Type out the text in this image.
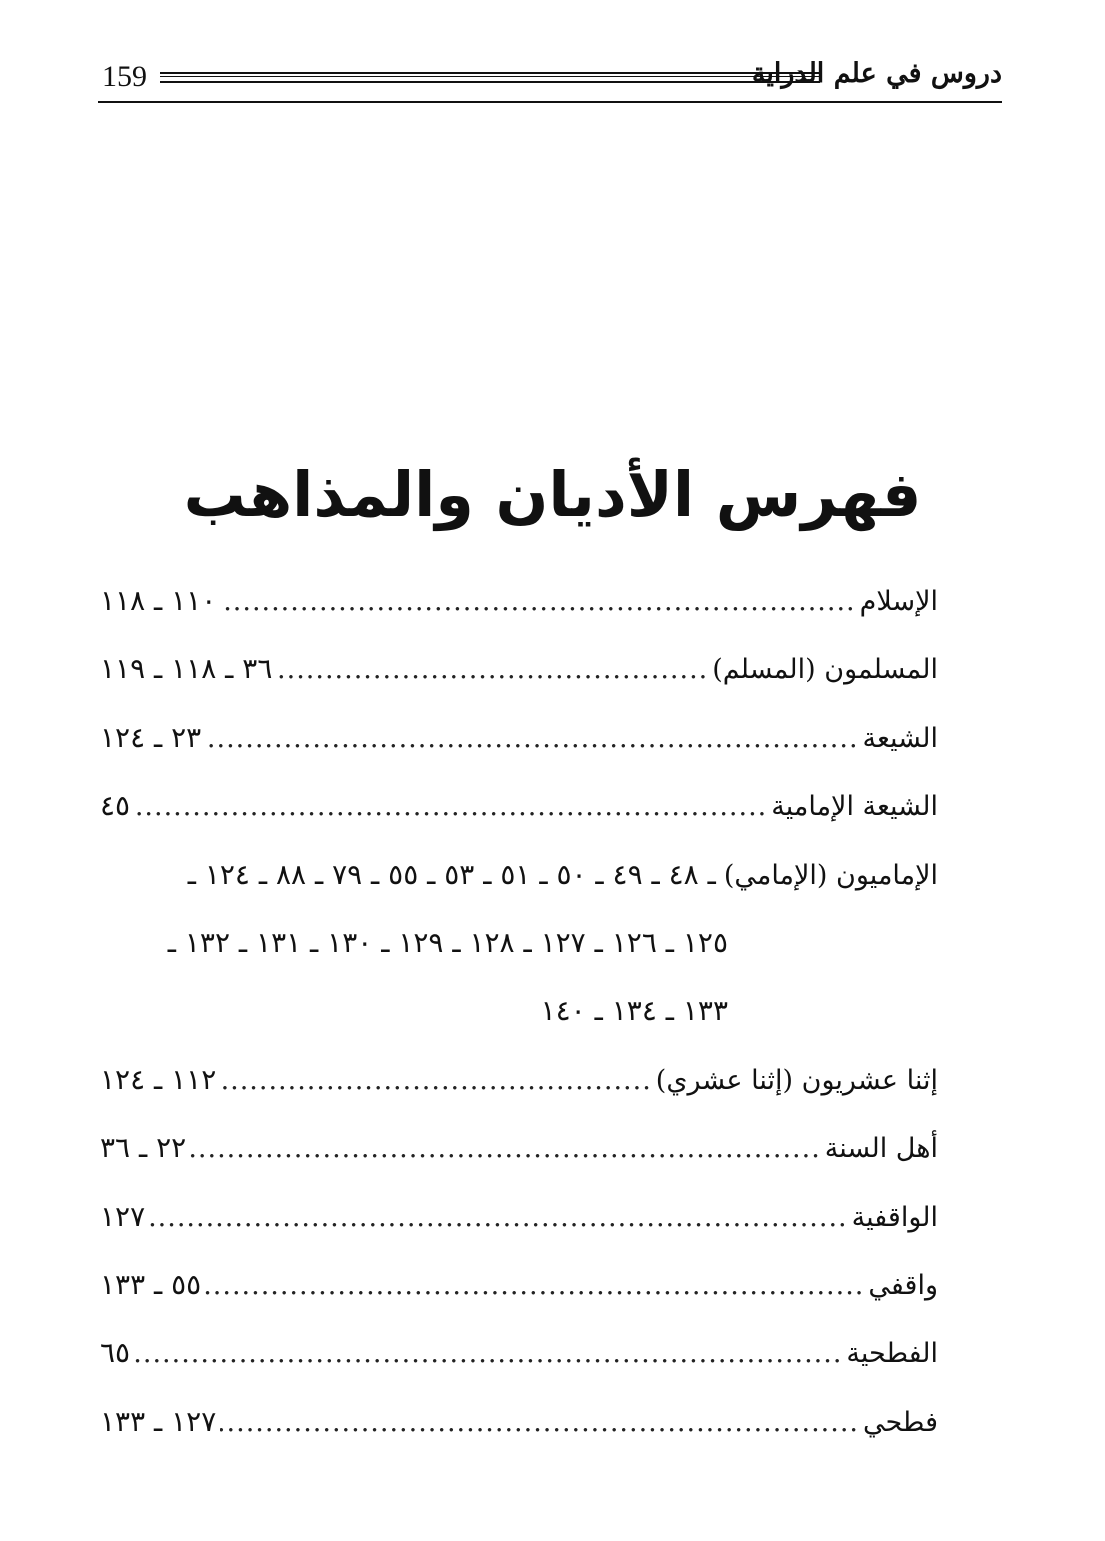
159	دروس في علم الدراية
فهرس الأديان والمذاهب
الإسلام
.....
١١٠ ـ ١١٨
المسلمون (المسلم)
.....
٣٦ ـ ١١٨ ـ ١١٩
الشيعة
.....
٢٣ ـ ١٢٤
الشيعة الإمامية
.....
٤٥
الإماميون (الإمامي)
ـ ٤٨ ـ ٤٩ ـ ٥٠ ـ ٥١ ـ ٥٣ ـ ٥٥ ـ ٧٩ ـ ٨٨ ـ ١٢٤ ـ
١٢٥ ـ ١٢٦ ـ ١٢٧ ـ ١٢٨ ـ ١٢٩ ـ ١٣٠ ـ ١٣١ ـ ١٣٢ ـ
١٣٣ ـ ١٣٤ ـ ١٤٠
إثنا عشريون (إثنا عشري)
.....
١١٢ ـ ١٢٤
أهل السنة
.....
٢٢ ـ ٣٦
الواقفية
.....
١٢٧
واقفي
.....
٥٥ ـ ١٣٣
الفطحية
.....
٦٥
فطحي
.....
١٢٧ ـ ١٣٣
